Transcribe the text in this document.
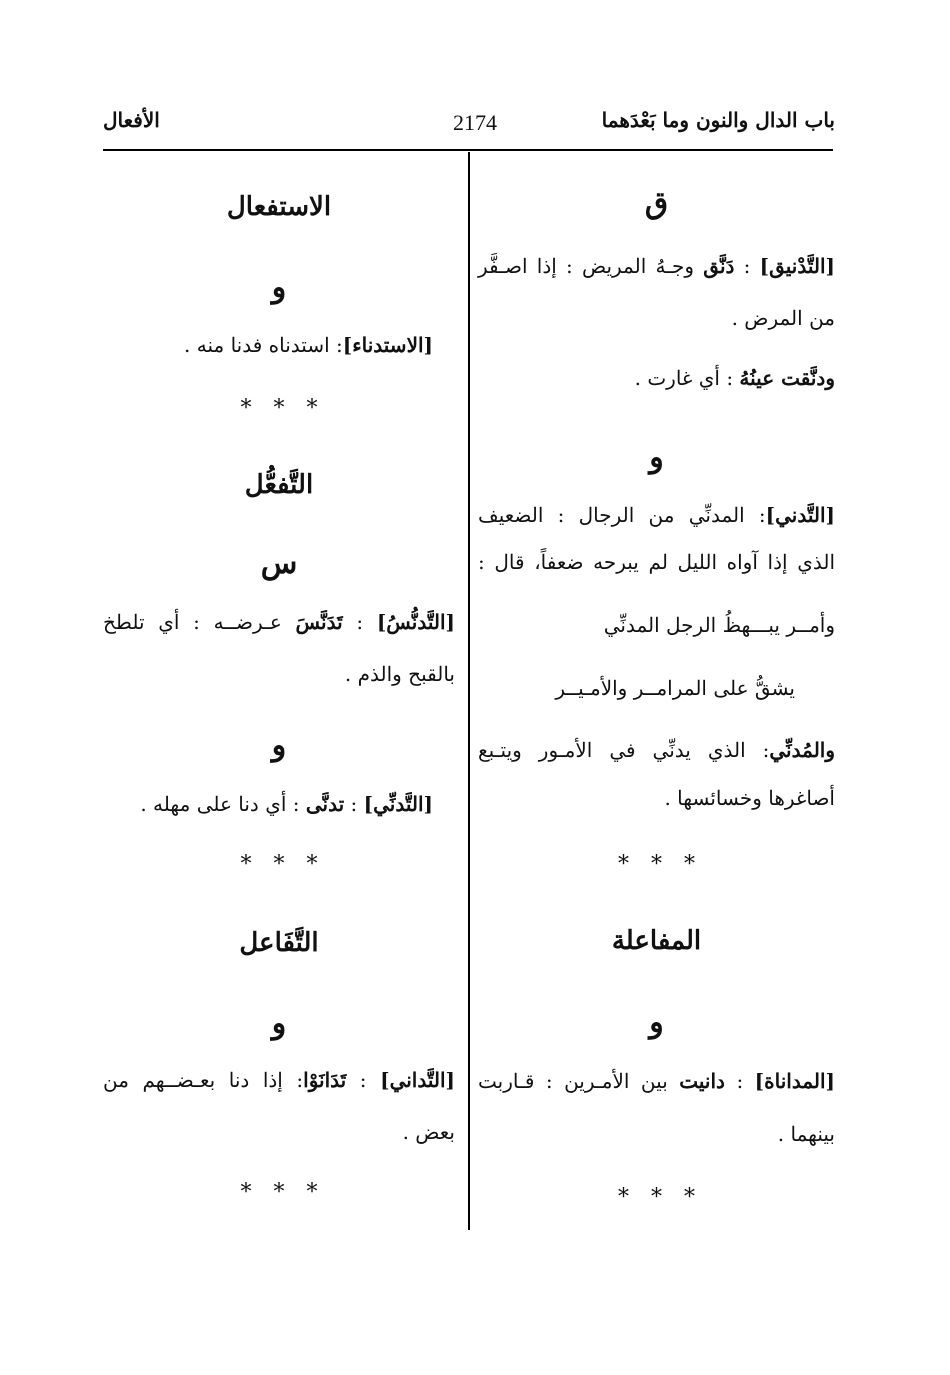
باب الدال والنون وما بَعْدَهما
2174
الأفعال
ق
[التَّدْنيق] : دَنَّق وجـهُ المريض : إذا اصـفَّر
من المرض .
ودنَّقت عينُهُ : أي غارت .
و
[التَّدني]: المدنِّي من الرجال : الضعيف
الذي إذا آواه الليل لم يبرحه ضعفاً، قال :
وأمــر يبـــهظُ الرجل المدنِّي
يشقُّ على المرامــر والأمـيــر
والمُدنِّي: الذي يدنِّي في الأمـور ويتـبع
أصاغرها وخسائسها .
***
المفاعلة
و
[المداناة] : دانيت بين الأمـرين : قـاربت
بينهما .
***
الاستفعال
و
[الاستدناء]: استدناه فدنا منه .
***
التَّفعُّل
س
[التَّدنُّسُ] : تَدَنَّسَ عـرضــه : أي تلطخ
بالقبح والذم .
و
[التَّدنِّي] : تدنَّى : أي دنا على مهله .
***
التَّفَاعل
و
[التَّداني] : تَدَانَوْا: إذا دنا بعـضــهم من
بعض .
***
